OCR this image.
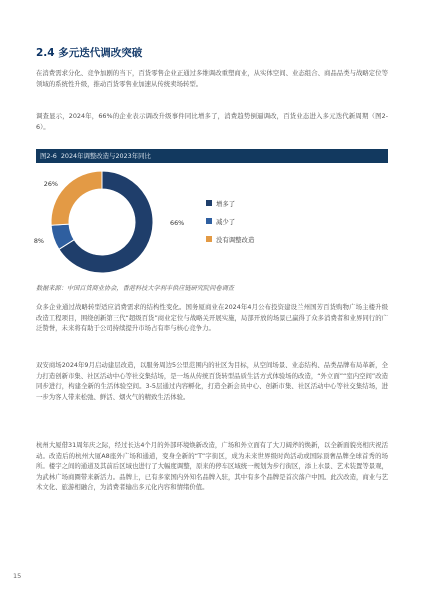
2.4 多元迭代调改突破

在消费需求分化、竞争加剧的当下，百货零售企业正通过多维调改重塑商业，从实体空间、业态组合、商品品类与战略定位等领域的系统性升级，推动百货零售业加速从传统卖场转型。

调查显示，2024年，66%的企业表示调改升级事件同比增多了，消费趋势倒逼调改，百货业态进入多元迭代新周期（图2-6）。

图2-6 2024年调整改造与2023年同比
66%
8%
26%
增多了
减少了
没有调整改造
数据来源：中国百货商业协会，香港科技大学利丰供应链研究院问卷调查

众多企业通过战略转型适应消费需求的结构性变化。国务厦商业在2024年4月公布投资建设兰州国芳百货购物广场主楼升级改造工程项目，围绕创新第三代“超级百货”商业定位与战略关开展实施，局部开放的场景已赢得了众多消费者和业界同行的广泛赞誉，未来将有助于公司持续提升市场占有率与核心竞争力。

双安商场2024年9月启动建层改造，以服务周边5公里范围内的社区为目标，从空间场景、业态结构、品类品牌布局革新，全力打造创新市集、社区活动中心等社交集结场，是一场从传统百货转型品质生活方式体验场的改造，“外立面”“室内空间”改造同步进行，构建全新的生活体验空间。3-5层通过内容孵化，打造全新会员中心、创新市集、社区活动中心等社交集结场，进一步为客人带来松弛、鲜活、烟火气的精致生活体验。

杭州大厦借31周年庆之际，经过长达4个月的外部环境焕新改造，广场和外立面有了大刀阔斧的焕新，以全新面貌亮相庆祝活动。改造后的杭州大厦A8座外广场和通道，变身全新的“T”字街区，成为未来世界级时尚活动或国际顶奢品牌全球首秀的场所。楼宇之间的通道及其前后区域也进行了大幅度调整，原来的停车区域统一规划为步行街区，添上水景、艺术装置等景观，为武林广场商圈带来新活力。品牌上，已有多家国内外知名品牌入驻，其中有多个品牌是首次落户中国。此次改造，商业与艺术文化、旅游相融合，为消费者输出多元化内容和情绪价值。

15
